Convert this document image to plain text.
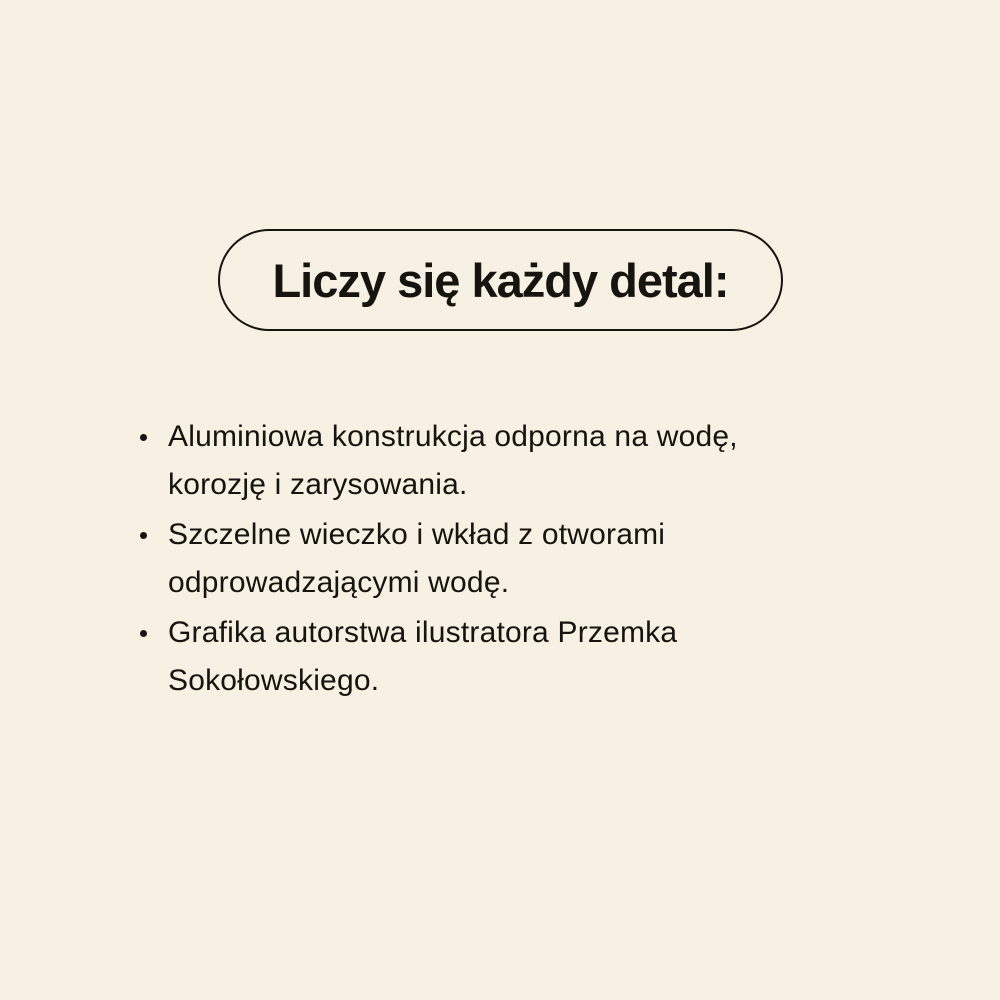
Liczy się każdy detal:
Aluminiowa konstrukcja odporna na wodę,
korozję i zarysowania.
Szczelne wieczko i wkład z otworami
odprowadzającymi wodę.
Grafika autorstwa ilustratora Przemka
Sokołowskiego.
